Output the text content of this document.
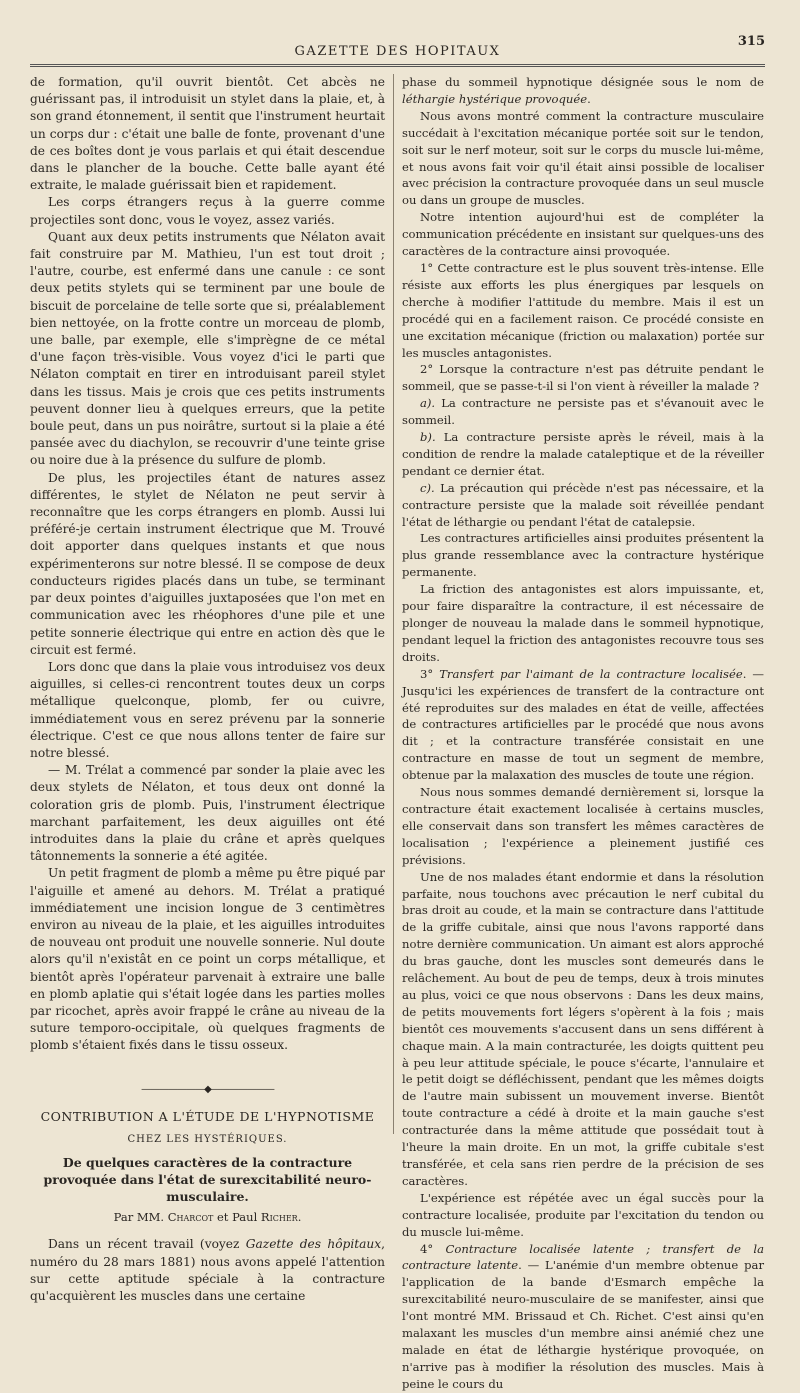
GAZETTE DES HOPITAUX
315

de formation, qu'il ouvrit bientôt. Cet abcès ne guérissant pas, il introduisit un stylet dans la plaie, et, à son grand étonnement, il sentit que l'instrument heurtait un corps dur : c'était une balle de fonte, provenant d'une de ces boîtes dont je vous parlais et qui était descendue dans le plancher de la bouche. Cette balle ayant été extraite, le malade guérissait bien et rapidement.

Les corps étrangers reçus à la guerre comme projectiles sont donc, vous le voyez, assez variés.

Quant aux deux petits instruments que Nélaton avait fait construire par M. Mathieu, l'un est tout droit ; l'autre, courbe, est enfermé dans une canule : ce sont deux petits stylets qui se terminent par une boule de biscuit de porcelaine de telle sorte que si, préalablement bien nettoyée, on la frotte contre un morceau de plomb, une balle, par exemple, elle s'imprègne de ce métal d'une façon très-visible. Vous voyez d'ici le parti que Nélaton comptait en tirer en introduisant pareil stylet dans les tissus. Mais je crois que ces petits instruments peuvent donner lieu à quelques erreurs, que la petite boule peut, dans un pus noirâtre, surtout si la plaie a été pansée avec du diachylon, se recouvrir d'une teinte grise ou noire due à la présence du sulfure de plomb.

De plus, les projectiles étant de natures assez différentes, le stylet de Nélaton ne peut servir à reconnaître que les corps étrangers en plomb. Aussi lui préféré-je certain instrument électrique que M. Trouvé doit apporter dans quelques instants et que nous expérimenterons sur notre blessé. Il se compose de deux conducteurs rigides placés dans un tube, se terminant par deux pointes d'aiguilles juxtaposées que l'on met en communication avec les rhéophores d'une pile et une petite sonnerie électrique qui entre en action dès que le circuit est fermé.

Lors donc que dans la plaie vous introduisez vos deux aiguilles, si celles-ci rencontrent toutes deux un corps métallique quelconque, plomb, fer ou cuivre, immédiatement vous en serez prévenu par la sonnerie électrique. C'est ce que nous allons tenter de faire sur notre blessé.

— M. Trélat a commencé par sonder la plaie avec les deux stylets de Nélaton, et tous deux ont donné la coloration gris de plomb. Puis, l'instrument électrique marchant parfaitement, les deux aiguilles ont été introduites dans la plaie du crâne et après quelques tâtonnements la sonnerie a été agitée.

Un petit fragment de plomb a même pu être piqué par l'aiguille et amené au dehors. M. Trélat a pratiqué immédiatement une incision longue de 3 centimètres environ au niveau de la plaie, et les aiguilles introduites de nouveau ont produit une nouvelle sonnerie. Nul doute alors qu'il n'existât en ce point un corps métallique, et bientôt après l'opérateur parvenait à extraire une balle en plomb aplatie qui s'était logée dans les parties molles par ricochet, après avoir frappé le crâne au niveau de la suture temporo-occipitale, où quelques fragments de plomb s'étaient fixés dans le tissu osseux.

———————◆———————
CONTRIBUTION A L'ÉTUDE DE L'HYPNOTISME
CHEZ LES HYSTÉRIQUES.
De quelques caractères de la contracture provoquée dans l'état de surexcitabilité neuro-musculaire.
Par MM. Charcot et Paul Richer.

Dans un récent travail (voyez Gazette des hôpitaux, numéro du 28 mars 1881) nous avons appelé l'attention sur cette aptitude spéciale à la contracture qu'acquièrent les muscles dans une certaine

phase du sommeil hypnotique désignée sous le nom de léthargie hystérique provoquée.

Nous avons montré comment la contracture musculaire succédait à l'excitation mécanique portée soit sur le tendon, soit sur le nerf moteur, soit sur le corps du muscle lui-même, et nous avons fait voir qu'il était ainsi possible de localiser avec précision la contracture provoquée dans un seul muscle ou dans un groupe de muscles.

Notre intention aujourd'hui est de compléter la communication précédente en insistant sur quelques-uns des caractères de la contracture ainsi provoquée.

1° Cette contracture est le plus souvent très-intense. Elle résiste aux efforts les plus énergiques par lesquels on cherche à modifier l'attitude du membre. Mais il est un procédé qui en a facilement raison. Ce procédé consiste en une excitation mécanique (friction ou malaxation) portée sur les muscles antagonistes.

2° Lorsque la contracture n'est pas détruite pendant le sommeil, que se passe-t-il si l'on vient à réveiller la malade ?

a). La contracture ne persiste pas et s'évanouit avec le sommeil.

b). La contracture persiste après le réveil, mais à la condition de rendre la malade cataleptique et de la réveiller pendant ce dernier état.

c). La précaution qui précède n'est pas nécessaire, et la contracture persiste que la malade soit réveillée pendant l'état de léthargie ou pendant l'état de catalepsie.

Les contractures artificielles ainsi produites présentent la plus grande ressemblance avec la contracture hystérique permanente.

La friction des antagonistes est alors impuissante, et, pour faire disparaître la contracture, il est nécessaire de plonger de nouveau la malade dans le sommeil hypnotique, pendant lequel la friction des antagonistes recouvre tous ses droits.

3° Transfert par l'aimant de la contracture localisée. — Jusqu'ici les expériences de transfert de la contracture ont été reproduites sur des malades en état de veille, affectées de contractures artificielles par le procédé que nous avons dit ; et la contracture transférée consistait en une contracture en masse de tout un segment de membre, obtenue par la malaxation des muscles de toute une région.

Nous nous sommes demandé dernièrement si, lorsque la contracture était exactement localisée à certains muscles, elle conservait dans son transfert les mêmes caractères de localisation ; l'expérience a pleinement justifié ces prévisions.

Une de nos malades étant endormie et dans la résolution parfaite, nous touchons avec précaution le nerf cubital du bras droit au coude, et la main se contracture dans l'attitude de la griffe cubitale, ainsi que nous l'avons rapporté dans notre dernière communication. Un aimant est alors approché du bras gauche, dont les muscles sont demeurés dans le relâchement. Au bout de peu de temps, deux à trois minutes au plus, voici ce que nous observons : Dans les deux mains, de petits mouvements fort légers s'opèrent à la fois ; mais bientôt ces mouvements s'accusent dans un sens différent à chaque main. A la main contracturée, les doigts quittent peu à peu leur attitude spéciale, le pouce s'écarte, l'annulaire et le petit doigt se défléchissent, pendant que les mêmes doigts de l'autre main subissent un mouvement inverse. Bientôt toute contracture a cédé à droite et la main gauche s'est contracturée dans la même attitude que possédait tout à l'heure la main droite. En un mot, la griffe cubitale s'est transférée, et cela sans rien perdre de la précision de ses caractères.

L'expérience est répétée avec un égal succès pour la contracture localisée, produite par l'excitation du tendon ou du muscle lui-même.

4° Contracture localisée latente ; transfert de la contracture latente. — L'anémie d'un membre obtenue par l'application de la bande d'Esmarch empêche la surexcitabilité neuro-musculaire de se manifester, ainsi que l'ont montré MM. Brissaud et Ch. Richet. C'est ainsi qu'en malaxant les muscles d'un membre ainsi anémié chez une malade en état de léthargie hystérique provoquée, on n'arrive pas à modifier la résolution des muscles. Mais à peine le cours du
